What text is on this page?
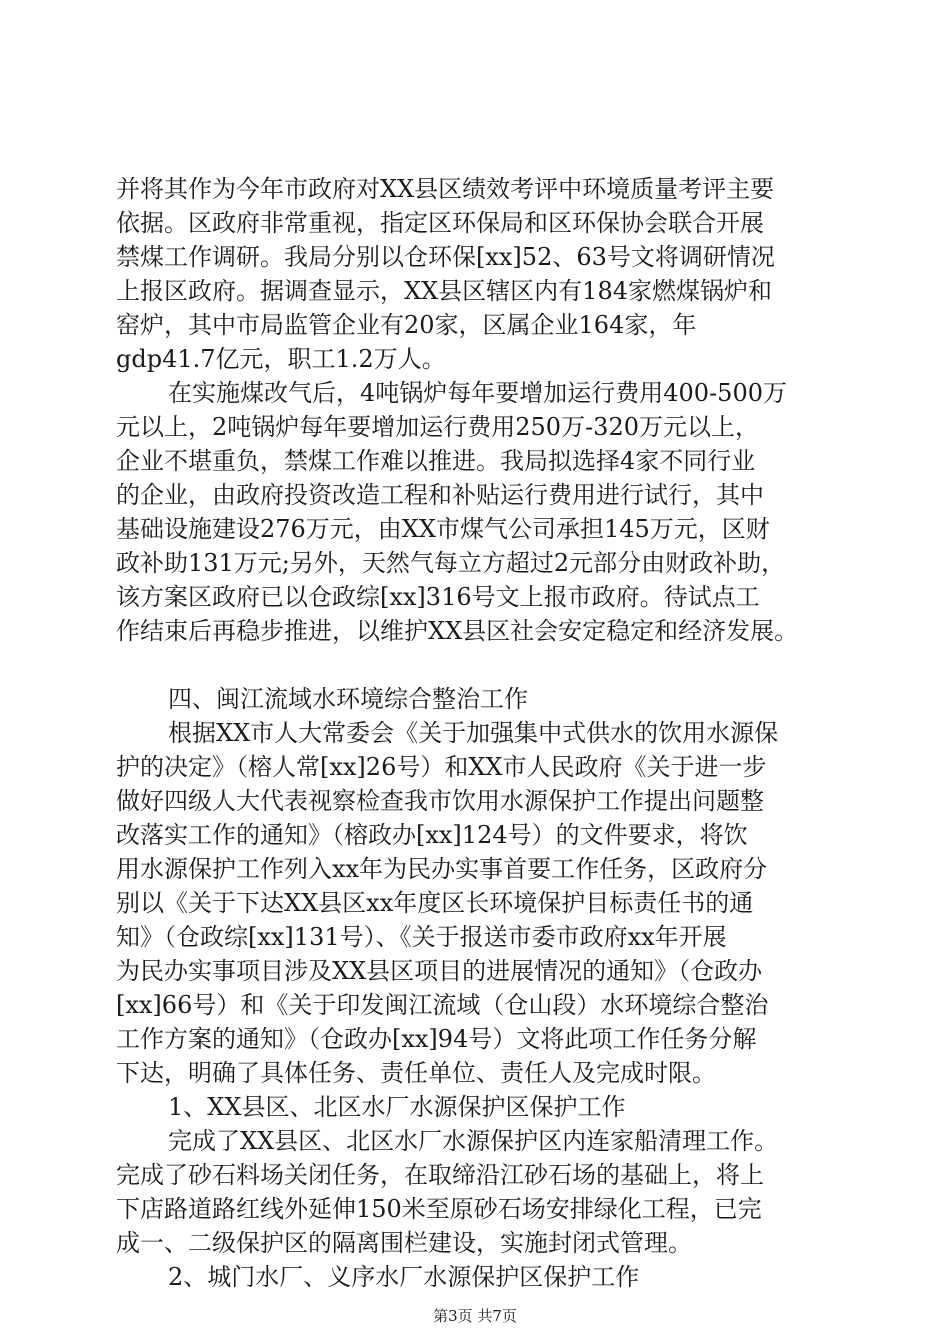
并将其作为今年市政府对XX县区绩效考评中环境质量考评主要
依据。区政府非常重视，指定区环保局和区环保协会联合开展
禁煤工作调研。我局分别以仓环保[xx]52、63号文将调研情况
上报区政府。据调查显示，XX县区辖区内有184家燃煤锅炉和
窑炉，其中市局监管企业有20家，区属企业164家，年
gdp41.7亿元，职工1.2万人。
在实施煤改气后，4吨锅炉每年要增加运行费用400-500万
元以上，2吨锅炉每年要增加运行费用250万-320万元以上，
企业不堪重负，禁煤工作难以推进。我局拟选择4家不同行业
的企业，由政府投资改造工程和补贴运行费用进行试行，其中
基础设施建设276万元，由XX市煤气公司承担145万元，区财
政补助131万元;另外，天然气每立方超过2元部分由财政补助，
该方案区政府已以仓政综[xx]316号文上报市政府。待试点工
作结束后再稳步推进，以维护XX县区社会安定稳定和经济发展。
四、闽江流域水环境综合整治工作
根据XX市人大常委会《关于加强集中式供水的饮用水源保
护的决定》（榕人常[xx]26号）和XX市人民政府《关于进一步
做好四级人大代表视察检查我市饮用水源保护工作提出问题整
改落实工作的通知》（榕政办[xx]124号）的文件要求，将饮
用水源保护工作列入xx年为民办实事首要工作任务，区政府分
别以《关于下达XX县区xx年度区长环境保护目标责任书的通
知》（仓政综[xx]131号）、《关于报送市委市政府xx年开展
为民办实事项目涉及XX县区项目的进展情况的通知》（仓政办
[xx]66号）和《关于印发闽江流域（仓山段）水环境综合整治
工作方案的通知》（仓政办[xx]94号）文将此项工作任务分解
下达，明确了具体任务、责任单位、责任人及完成时限。
1、XX县区、北区水厂水源保护区保护工作
完成了XX县区、北区水厂水源保护区内连家船清理工作。
完成了砂石料场关闭任务，在取缔沿江砂石场的基础上，将上
下店路道路红线外延伸150米至原砂石场安排绿化工程，已完
成一、二级保护区的隔离围栏建设，实施封闭式管理。
2、城门水厂、义序水厂水源保护区保护工作
第3页 共7页
